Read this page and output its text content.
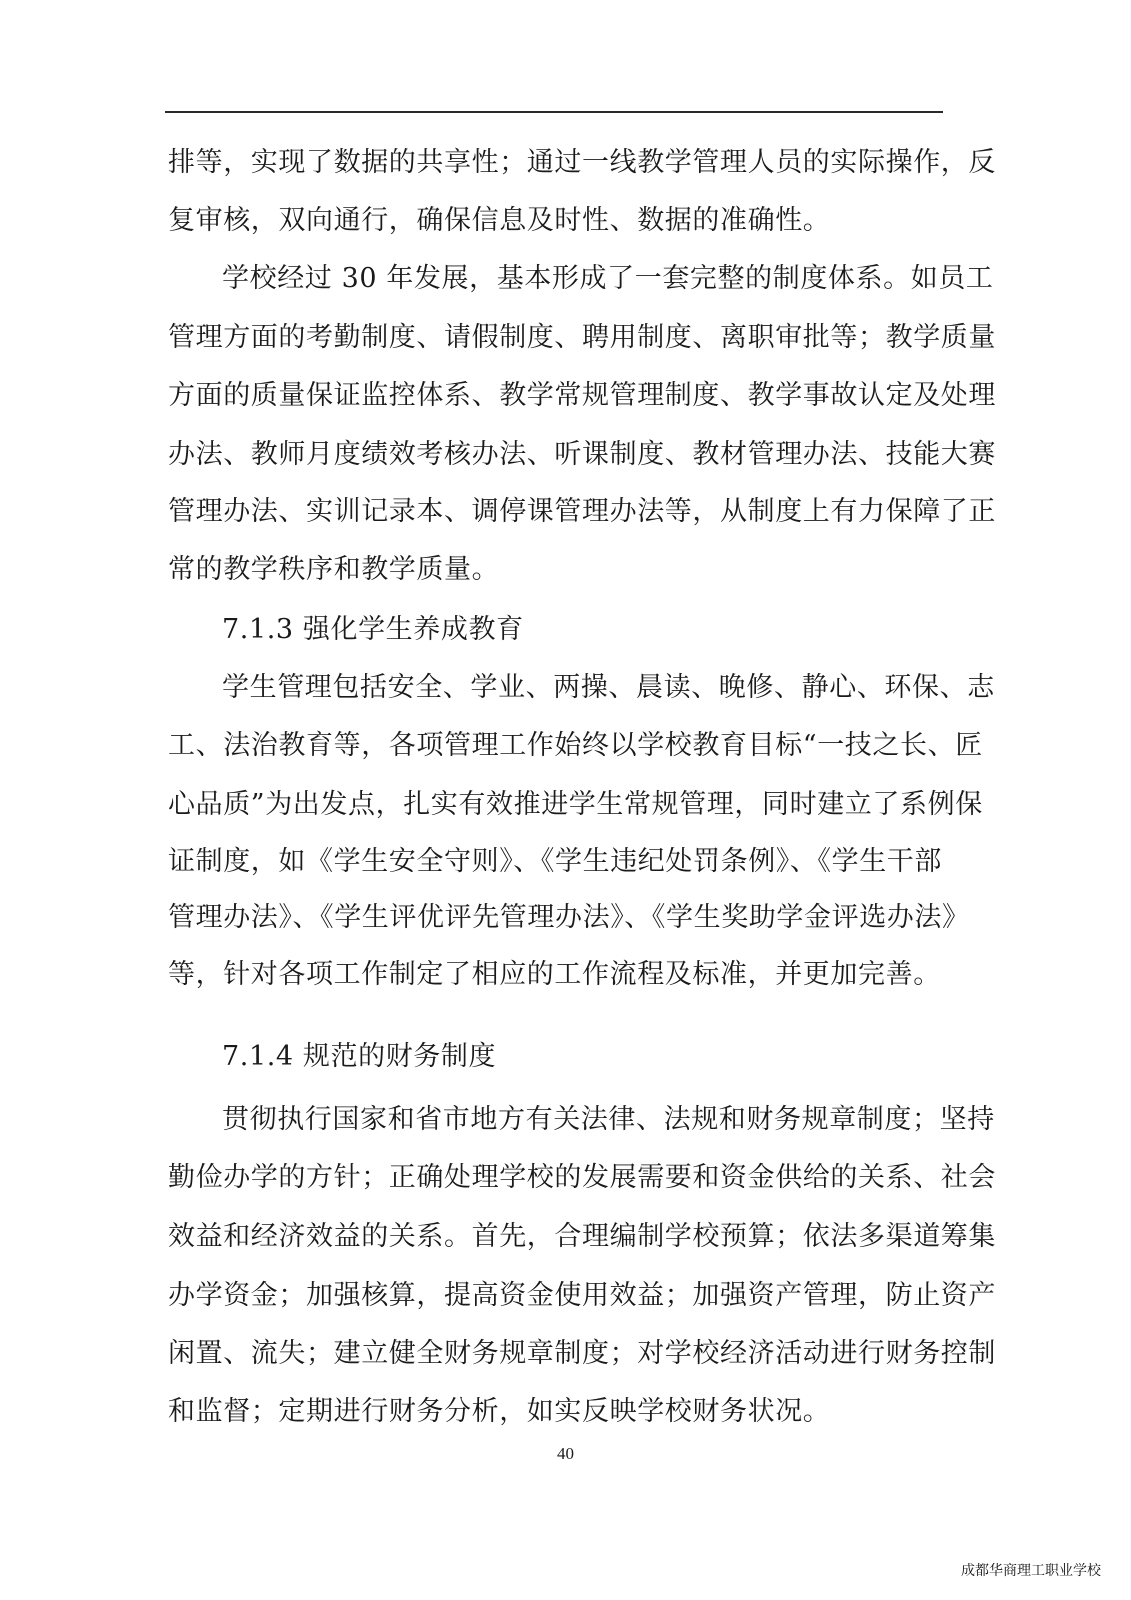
排等，实现了数据的共享性；通过一线教学管理人员的实际操作，反
复审核，双向通行，确保信息及时性、数据的准确性。
学校经过 30 年发展，基本形成了一套完整的制度体系。如员工
管理方面的考勤制度、请假制度、聘用制度、离职审批等；教学质量
方面的质量保证监控体系、教学常规管理制度、教学事故认定及处理
办法、教师月度绩效考核办法、听课制度、教材管理办法、技能大赛
管理办法、实训记录本、调停课管理办法等，从制度上有力保障了正
常的教学秩序和教学质量。
7.1.3 强化学生养成教育
学生管理包括安全、学业、两操、晨读、晚修、静心、环保、志
工、法治教育等，各项管理工作始终以学校教育目标“一技之长、匠
心品质”为出发点，扎实有效推进学生常规管理，同时建立了系例保
证制度，如《学生安全守则》、《学生违纪处罚条例》、《学生干部
管理办法》、《学生评优评先管理办法》、《学生奖助学金评选办法》
等，针对各项工作制定了相应的工作流程及标准，并更加完善。
7.1.4 规范的财务制度
贯彻执行国家和省市地方有关法律、法规和财务规章制度；坚持
勤俭办学的方针；正确处理学校的发展需要和资金供给的关系、社会
效益和经济效益的关系。首先，合理编制学校预算；依法多渠道筹集
办学资金；加强核算，提高资金使用效益；加强资产管理，防止资产
闲置、流失；建立健全财务规章制度；对学校经济活动进行财务控制
和监督；定期进行财务分析，如实反映学校财务状况。
40
成都华商理工职业学校
